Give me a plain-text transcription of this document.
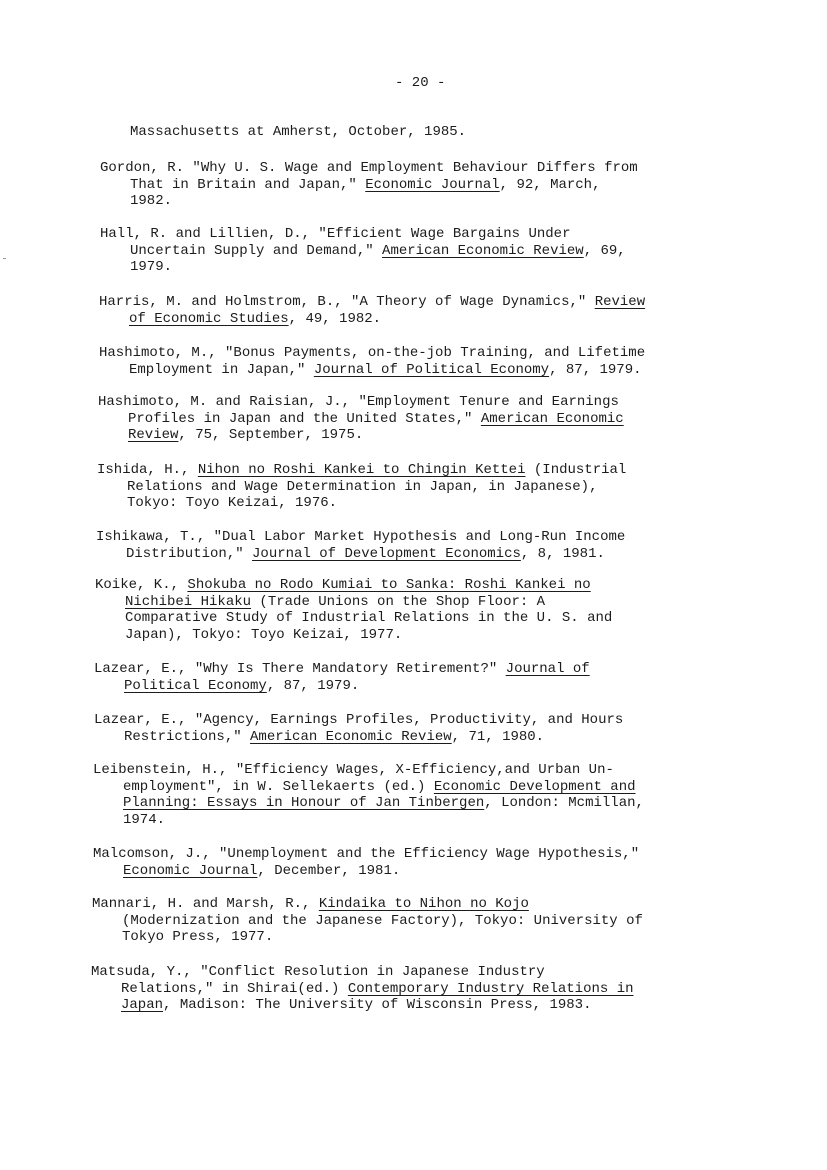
- 20 -
Massachusetts at Amherst, October, 1985.
Gordon, R. "Why U. S. Wage and Employment Behaviour Differs from
That in Britain and Japan," Economic Journal, 92, March,
1982.
Hall, R. and Lillien, D., "Efficient Wage Bargains Under
Uncertain Supply and Demand," American Economic Review, 69,
1979.
Harris, M. and Holmstrom, B., "A Theory of Wage Dynamics," Review
of Economic Studies, 49, 1982.
Hashimoto, M., "Bonus Payments, on-the-job Training, and Lifetime
Employment in Japan," Journal of Political Economy, 87, 1979.
Hashimoto, M. and Raisian, J., "Employment Tenure and Earnings
Profiles in Japan and the United States," American Economic
Review, 75, September, 1975.
Ishida, H., Nihon no Roshi Kankei to Chingin Kettei (Industrial
Relations and Wage Determination in Japan, in Japanese),
Tokyo: Toyo Keizai, 1976.
Ishikawa, T., "Dual Labor Market Hypothesis and Long-Run Income
Distribution," Journal of Development Economics, 8, 1981.
Koike, K., Shokuba no Rodo Kumiai to Sanka: Roshi Kankei no
Nichibei Hikaku (Trade Unions on the Shop Floor: A
Comparative Study of Industrial Relations in the U. S. and
Japan), Tokyo: Toyo Keizai, 1977.
Lazear, E., "Why Is There Mandatory Retirement?" Journal of
Political Economy, 87, 1979.
Lazear, E., "Agency, Earnings Profiles, Productivity, and Hours
Restrictions," American Economic Review, 71, 1980.
Leibenstein, H., "Efficiency Wages, X-Efficiency,and Urban Un-
employment", in W. Sellekaerts (ed.) Economic Development and
Planning: Essays in Honour of Jan Tinbergen, London: Mcmillan,
1974.
Malcomson, J., "Unemployment and the Efficiency Wage Hypothesis,"
Economic Journal, December, 1981.
Mannari, H. and Marsh, R., Kindaika to Nihon no Kojo
(Modernization and the Japanese Factory), Tokyo: University of
Tokyo Press, 1977.
Matsuda, Y., "Conflict Resolution in Japanese Industry
Relations," in Shirai(ed.) Contemporary Industry Relations in
Japan, Madison: The University of Wisconsin Press, 1983.
